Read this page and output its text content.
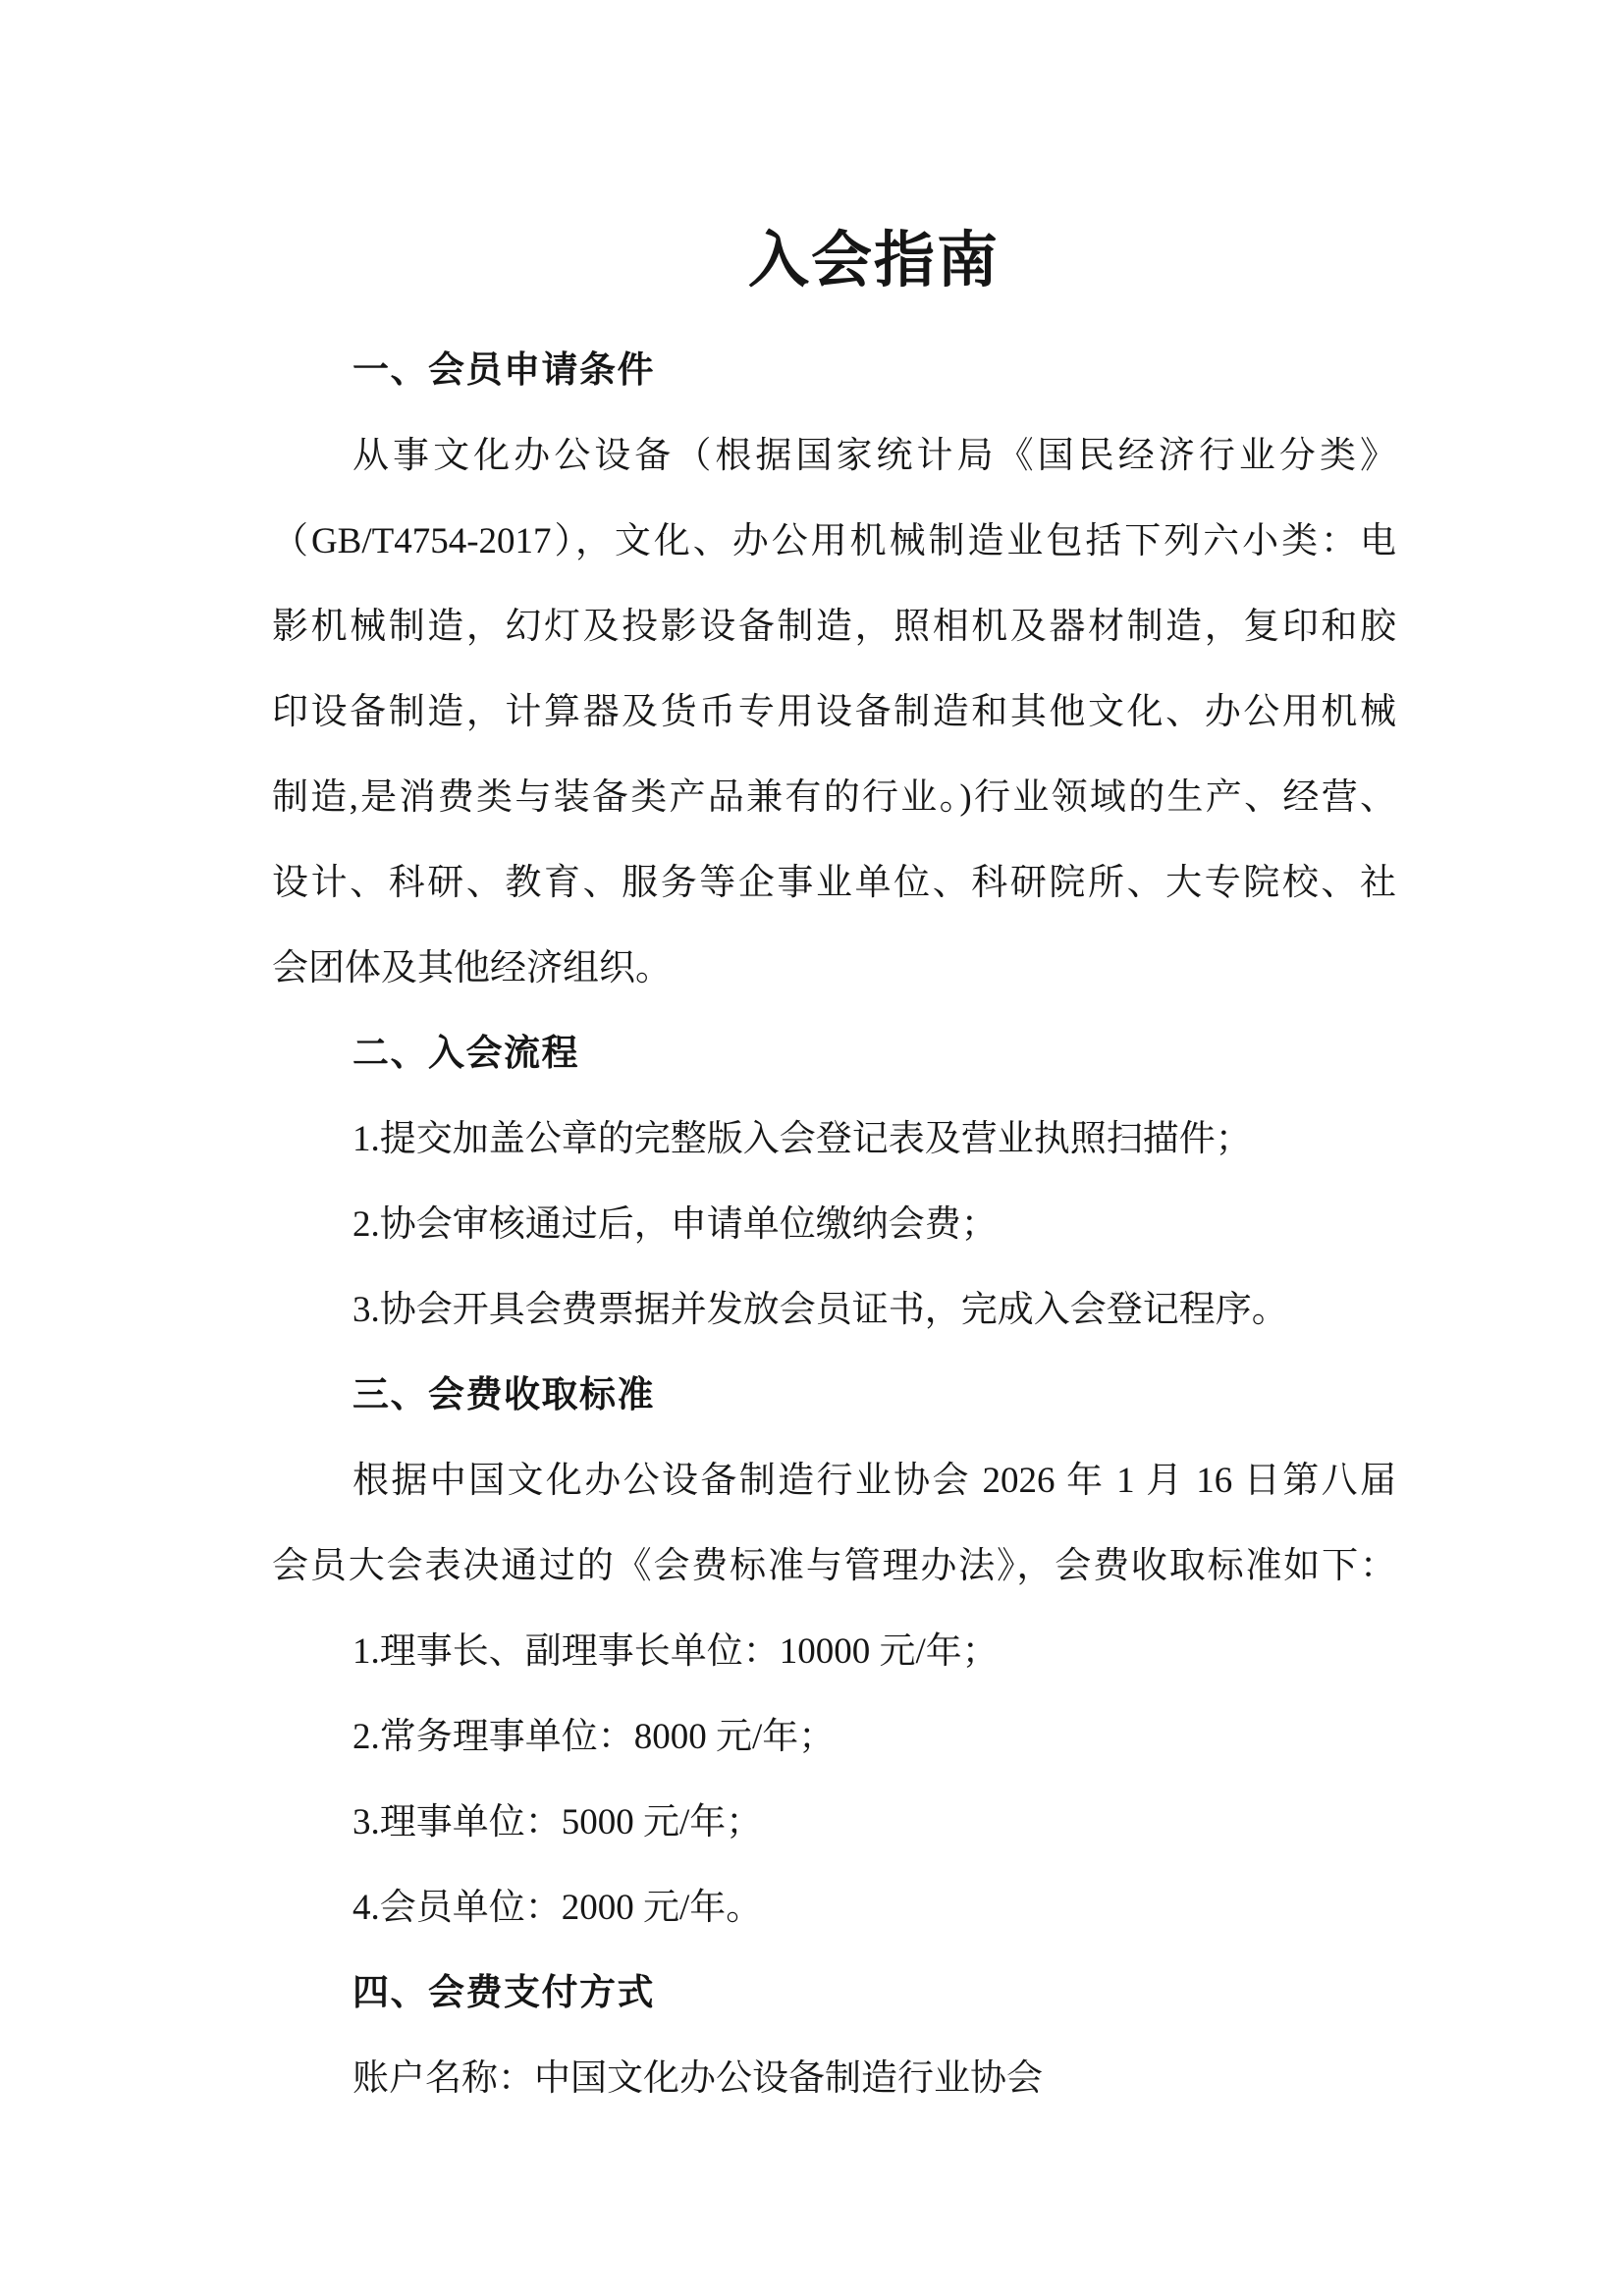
入会指南
一、会员申请条件
从事文化办公设备（根据国家统计局《国民经济行业分类》
（GB/T4754-2017），文化、办公用机械制造业包括下列六小类：电
影机械制造，幻灯及投影设备制造，照相机及器材制造，复印和胶
印设备制造，计算器及货币专用设备制造和其他文化、办公用机械
制造,是消费类与装备类产品兼有的行业。)行业领域的生产、经营、
设计、科研、教育、服务等企事业单位、科研院所、大专院校、社
会团体及其他经济组织。
二、入会流程
1.提交加盖公章的完整版入会登记表及营业执照扫描件；
2.协会审核通过后，申请单位缴纳会费；
3.协会开具会费票据并发放会员证书，完成入会登记程序。
三、会费收取标准
根据中国文化办公设备制造行业协会 2026 年 1 月 16 日第八届
会员大会表决通过的《会费标准与管理办法》，会费收取标准如下：
1.理事长、副理事长单位：10000 元/年；
2.常务理事单位：8000 元/年；
3.理事单位：5000 元/年；
4.会员单位：2000 元/年。
四、会费支付方式
账户名称：中国文化办公设备制造行业协会
